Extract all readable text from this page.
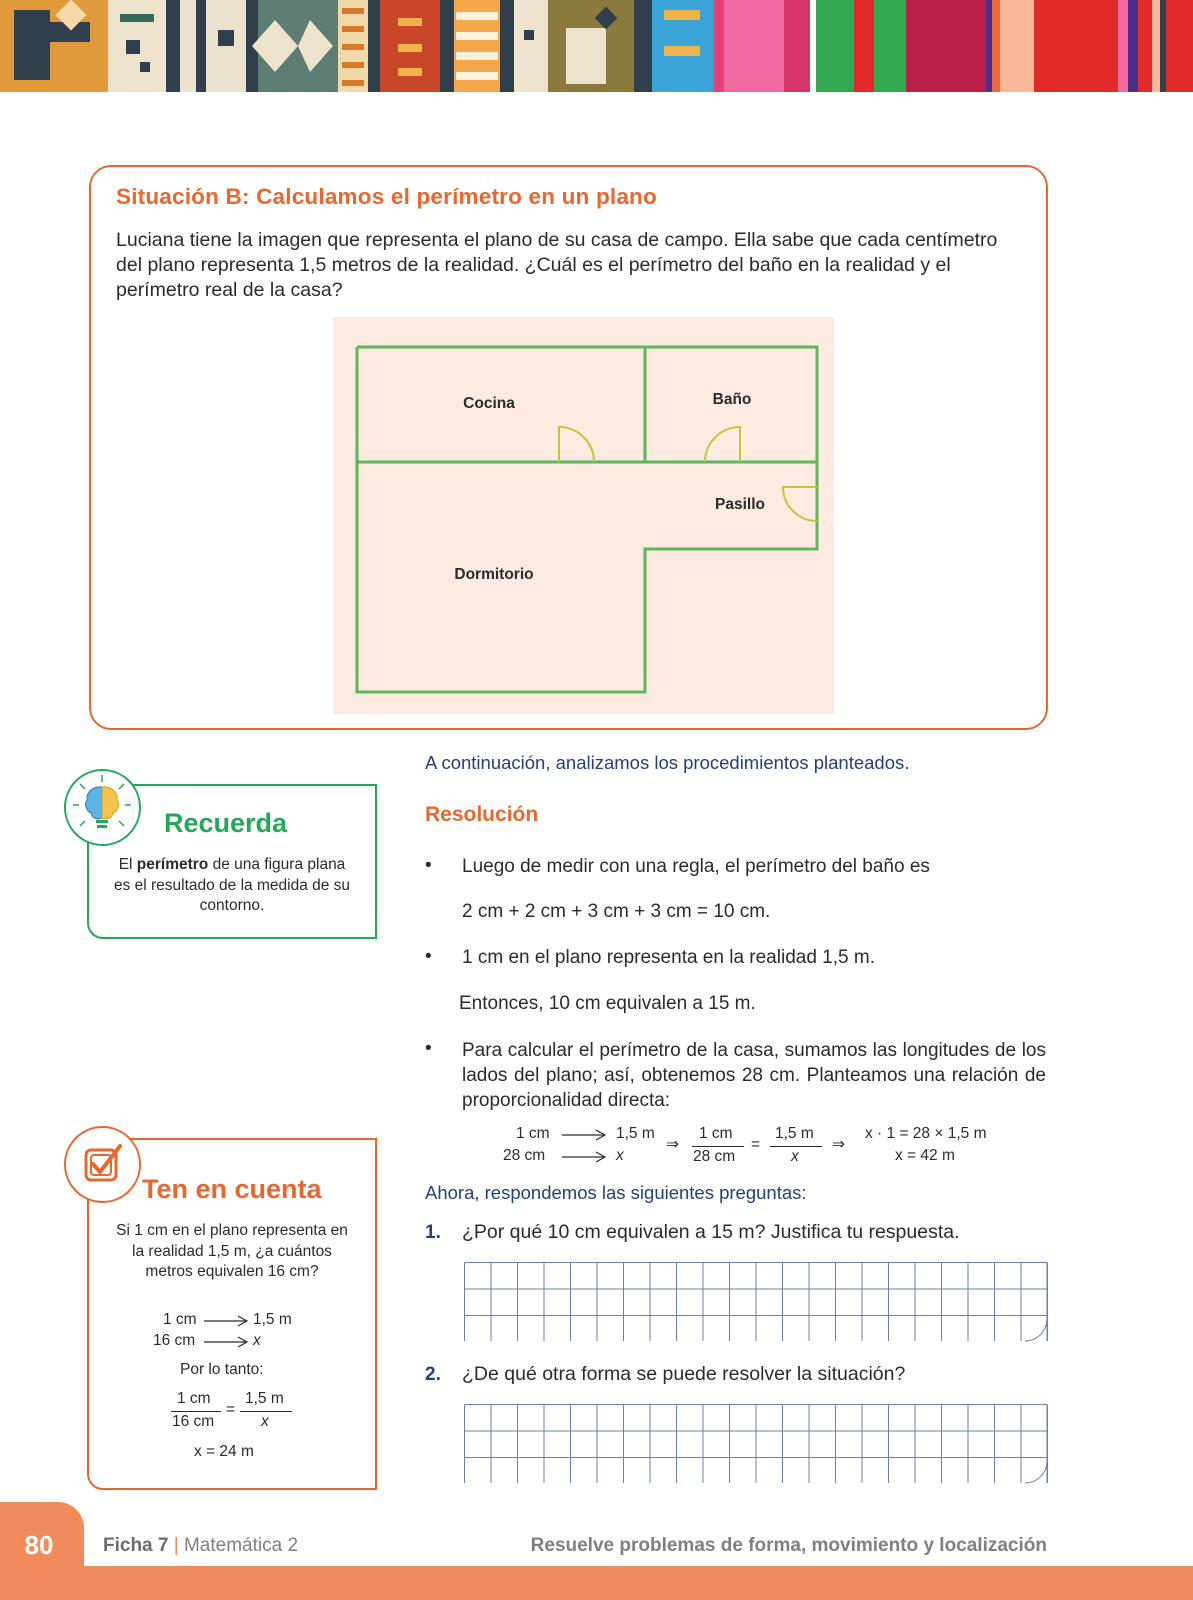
Situación B: Calculamos el perímetro en un plano
Luciana tiene la imagen que representa el plano de su casa de campo. Ella sabe que cada centímetro del plano representa 1,5 metros de la realidad. ¿Cuál es el perímetro del baño en la realidad y el perímetro real de la casa?
Cocina	Baño
Pasillo
Dormitorio
Recuerda
El perímetro de una figura plana es el resultado de la medida de su contorno.
A continuación, analizamos los procedimientos planteados.
Resolución
• Luego de medir con una regla, el perímetro del baño es
2 cm + 2 cm + 3 cm + 3 cm = 10 cm.
• 1 cm en el plano representa en la realidad 1,5 m.
Entonces, 10 cm equivalen a 15 m.
• Para calcular el perímetro de la casa, sumamos las longitudes de los lados del plano; así, obtenemos 28 cm. Planteamos una relación de proporcionalidad directa:
1 cm
28 cm
1,5 m
x
⇒
1 cm
28 cm
=
1,5 m
x
⇒
x · 1 = 28 × 1,5 m
x = 42 m
Ahora, respondemos las siguientes preguntas:
1. ¿Por qué 10 cm equivalen a 15 m? Justifica tu respuesta.
2. ¿De qué otra forma se puede resolver la situación?
Ten en cuenta
Si 1 cm en el plano representa en la realidad 1,5 m, ¿a cuántos metros equivalen 16 cm?
1 cm
16 cm
1,5 m
x
Por lo tanto:
1 cm
16 cm
=
1,5 m
x
x = 24 m
80	Ficha 7 | Matemática 2	Resuelve problemas de forma, movimiento y localización
